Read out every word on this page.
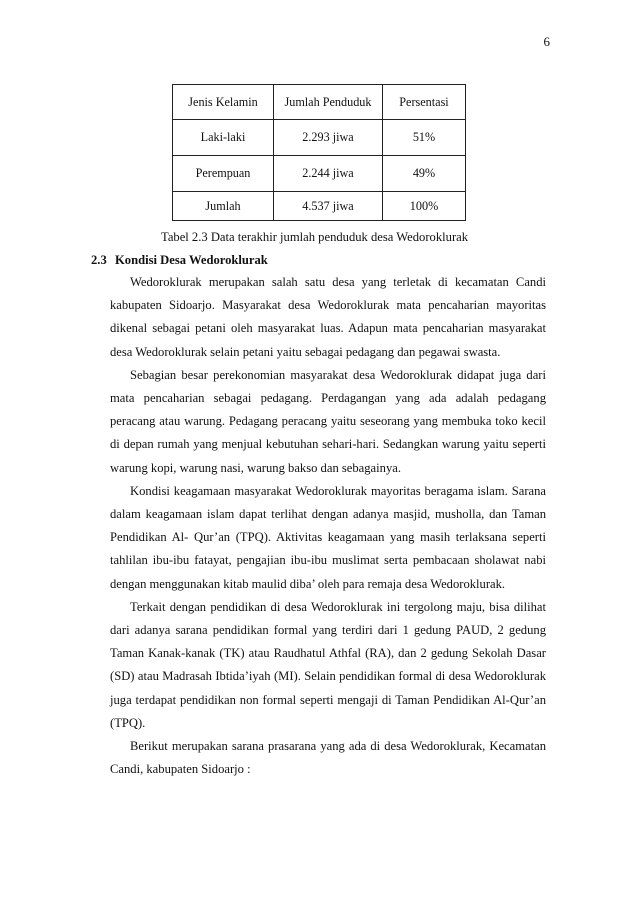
6
Jenis Kelamin	Jumlah Penduduk	Persentasi
Laki-laki	2.293 jiwa	51%
Perempuan	2.244 jiwa	49%
Jumlah	4.537 jiwa	100%
Tabel 2.3 Data terakhir jumlah penduduk desa Wedoroklurak
2.3 Kondisi Desa Wedoroklurak

Wedoroklurak merupakan salah satu desa yang terletak di kecamatan Candi kabupaten Sidoarjo. Masyarakat desa Wedoroklurak mata pencaharian mayoritas dikenal sebagai petani oleh masyarakat luas. Adapun mata pencaharian masyarakat desa Wedoroklurak selain petani yaitu sebagai pedagang dan pegawai swasta.

Sebagian besar perekonomian masyarakat desa Wedoroklurak didapat juga dari mata pencaharian sebagai pedagang. Perdagangan yang ada adalah pedagang peracang atau warung. Pedagang peracang yaitu seseorang yang membuka toko kecil di depan rumah yang menjual kebutuhan sehari-hari. Sedangkan warung yaitu seperti warung kopi, warung nasi, warung bakso dan sebagainya.

Kondisi keagamaan masyarakat Wedoroklurak mayoritas beragama islam. Sarana dalam keagamaan islam dapat terlihat dengan adanya masjid, musholla, dan Taman Pendidikan Al- Qur’an (TPQ). Aktivitas keagamaan yang masih terlaksana seperti tahlilan ibu-ibu fatayat, pengajian ibu-ibu muslimat serta pembacaan sholawat nabi dengan menggunakan kitab maulid diba’ oleh para remaja desa Wedoroklurak.

Terkait dengan pendidikan di desa Wedoroklurak ini tergolong maju, bisa dilihat dari adanya sarana pendidikan formal yang terdiri dari 1 gedung PAUD, 2 gedung Taman Kanak-kanak (TK) atau Raudhatul Athfal (RA), dan 2 gedung Sekolah Dasar (SD) atau Madrasah Ibtida’iyah (MI). Selain pendidikan formal di desa Wedoroklurak juga terdapat pendidikan non formal seperti mengaji di Taman Pendidikan Al-Qur’an (TPQ).

Berikut merupakan sarana prasarana yang ada di desa Wedoroklurak, Kecamatan Candi, kabupaten Sidoarjo :
